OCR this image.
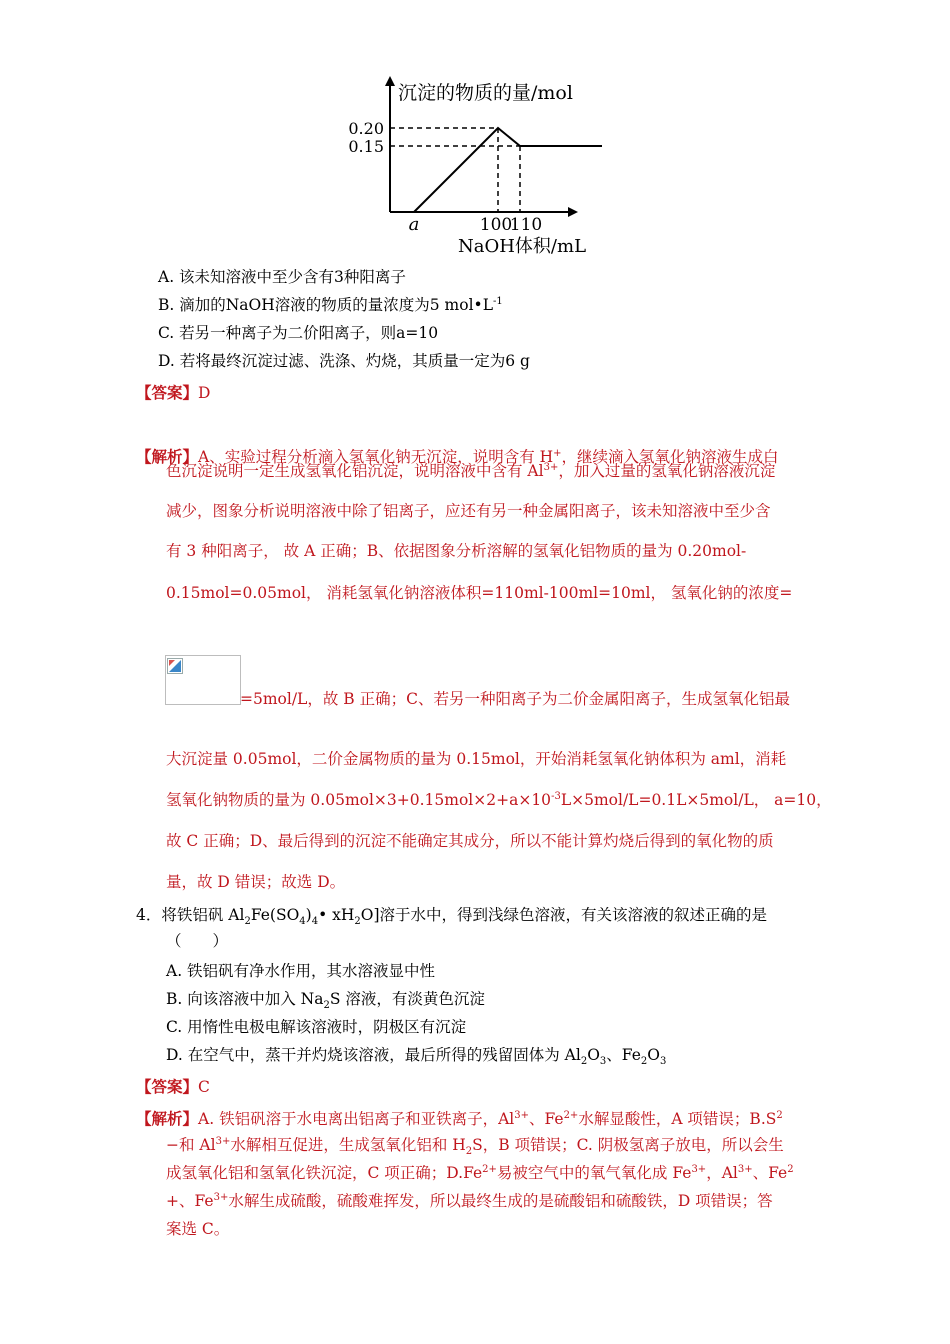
沉淀的物质的量/mol
0.20
0.15
a	100
110
NaOH体积/mL
A. 该未知溶液中至少含有3种阳离子
B. 滴加的NaOH溶液的物质的量浓度为5 $mol•L^{-1}$
C. 若另一种离子为二价阳离子，则a=10
D. 若将最终沉淀过滤、洗涤、灼烧，其质量一定为6 g
【答案】D
【解析】A、实验过程分析滴入氢氧化钠无沉淀，说明含有 H+，继续滴入氢氧化钠溶液生成白
色沉淀说明一定生成氢氧化铝沉淀，说明溶液中含有 $Al^{3+}$，加入过量的氢氧化钠溶液沉淀
减少，图象分析说明溶液中除了铝离子，应还有另一种金属阳离子，该未知溶液中至少含
有 3 种阳离子， 故 A 正确；B、依据图象分析溶解的氢氧化铝物质的量为 0.20mol-
0.15mol=0.05mol， 消耗氢氧化钠溶液体积=110ml-100ml=10ml， 氢氧化钠的浓度=
=5mol/L，故 B 正确；C、若另一种阳离子为二价金属阳离子，生成氢氧化铝最
大沉淀量 0.05mol，二价金属物质的量为 0.15mol，开始消耗氢氧化钠体积为 aml，消耗
氢氧化钠物质的量为 $0.05mol\times 3+0.15mol\times 2+a\times 10^{-3}L\times 5mol/L=0.1L\times 5mol/L$， a=10，
故 C 正确；D、最后得到的沉淀不能确定其成分，所以不能计算灼烧后得到的氧化物的质
量，故 D 错误；故选 D。
4．将铁铝矾 $Al_2Fe(SO_4)_4•$ $xH_2O$]溶于水中，得到浅绿色溶液，有关该溶液的叙述正确的是
（　　）
A. 铁铝矾有净水作用，其水溶液显中性
B. 向该溶液中加入 $Na_2S$ 溶液，有淡黄色沉淀
C. 用惰性电极电解该溶液时，阴极区有沉淀
D. 在空气中，蒸干并灼烧该溶液，最后所得的残留固体为 $Al_2O_3$、$Fe_2O_3$
【答案】C
【解析】A. 铁铝矾溶于水电离出铝离子和亚铁离子，$Al^{3+}$、$Fe^{2+}$水解显酸性，A 项错误；$B.S^2$
−和 $Al^{3+}$水解相互促进，生成氢氧化铝和 $H_2S$，B 项错误；C. 阴极氢离子放电，所以会生
成氢氧化铝和氢氧化铁沉淀，C 项正确；$D.Fe^{2+}$易被空气中的氧气氧化成 $Fe^{3+}$，$Al^{3+}$、$Fe^2$
+、$Fe^{3+}$水解生成硫酸，硫酸难挥发，所以最终生成的是硫酸铝和硫酸铁，D 项错误；答
案选 C。
